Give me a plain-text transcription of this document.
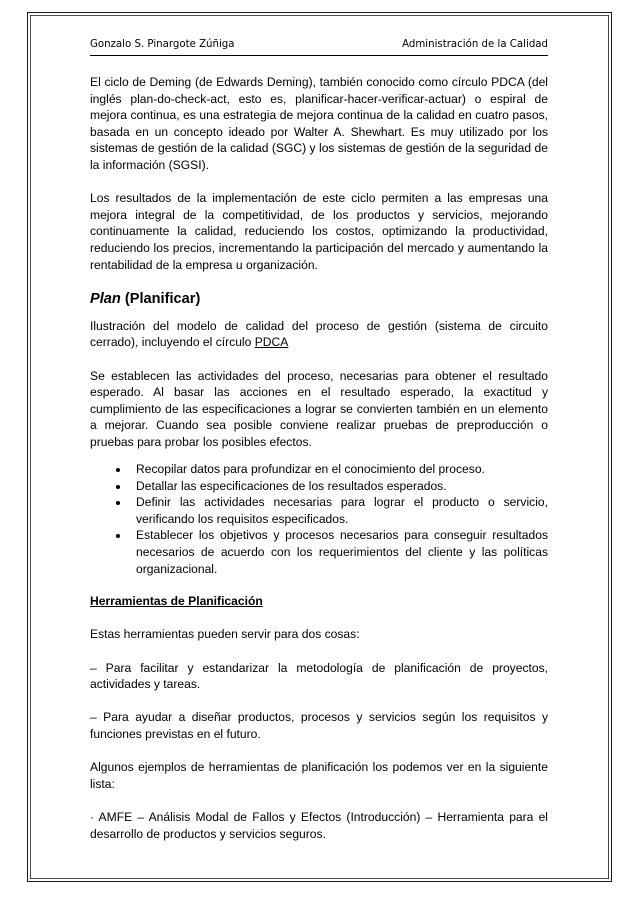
Gonzalo S. Pinargote Zúñiga	Administración de la Calidad

El ciclo de Deming (de Edwards Deming), también conocido como círculo PDCA (del inglés plan-do-check-act, esto es, planificar-hacer-verificar-actuar) o espiral de mejora continua, es una estrategia de mejora continua de la calidad en cuatro pasos, basada en un concepto ideado por Walter A. Shewhart. Es muy utilizado por los sistemas de gestión de la calidad (SGC) y los sistemas de gestión de la seguridad de la información (SGSI).

Los resultados de la implementación de este ciclo permiten a las empresas una mejora integral de la competitividad, de los productos y servicios, mejorando continuamente la calidad, reduciendo los costos, optimizando la productividad, reduciendo los precios, incrementando la participación del mercado y aumentando la rentabilidad de la empresa u organización.

Plan (Planificar)

Ilustración del modelo de calidad del proceso de gestión (sistema de circuito cerrado), incluyendo el círculo PDCA

Se establecen las actividades del proceso, necesarias para obtener el resultado esperado. Al basar las acciones en el resultado esperado, la exactitud y cumplimiento de las especificaciones a lograr se convierten también en un elemento a mejorar. Cuando sea posible conviene realizar pruebas de preproducción o pruebas para probar los posibles efectos.

• Recopilar datos para profundizar en el conocimiento del proceso.
• Detallar las especificaciones de los resultados esperados.
• Definir las actividades necesarias para lograr el producto o servicio, verificando los requisitos especificados.
• Establecer los objetivos y procesos necesarios para conseguir resultados necesarios de acuerdo con los requerimientos del cliente y las políticas organizacional.

Herramientas de Planificación

Estas herramientas pueden servir para dos cosas:

– Para facilitar y estandarizar la metodología de planificación de proyectos, actividades y tareas.

– Para ayudar a diseñar productos, procesos y servicios según los requisitos y funciones previstas en el futuro.

Algunos ejemplos de herramientas de planificación los podemos ver en la siguiente lista:

· AMFE – Análisis Modal de Fallos y Efectos (Introducción) – Herramienta para el desarrollo de productos y servicios seguros.
